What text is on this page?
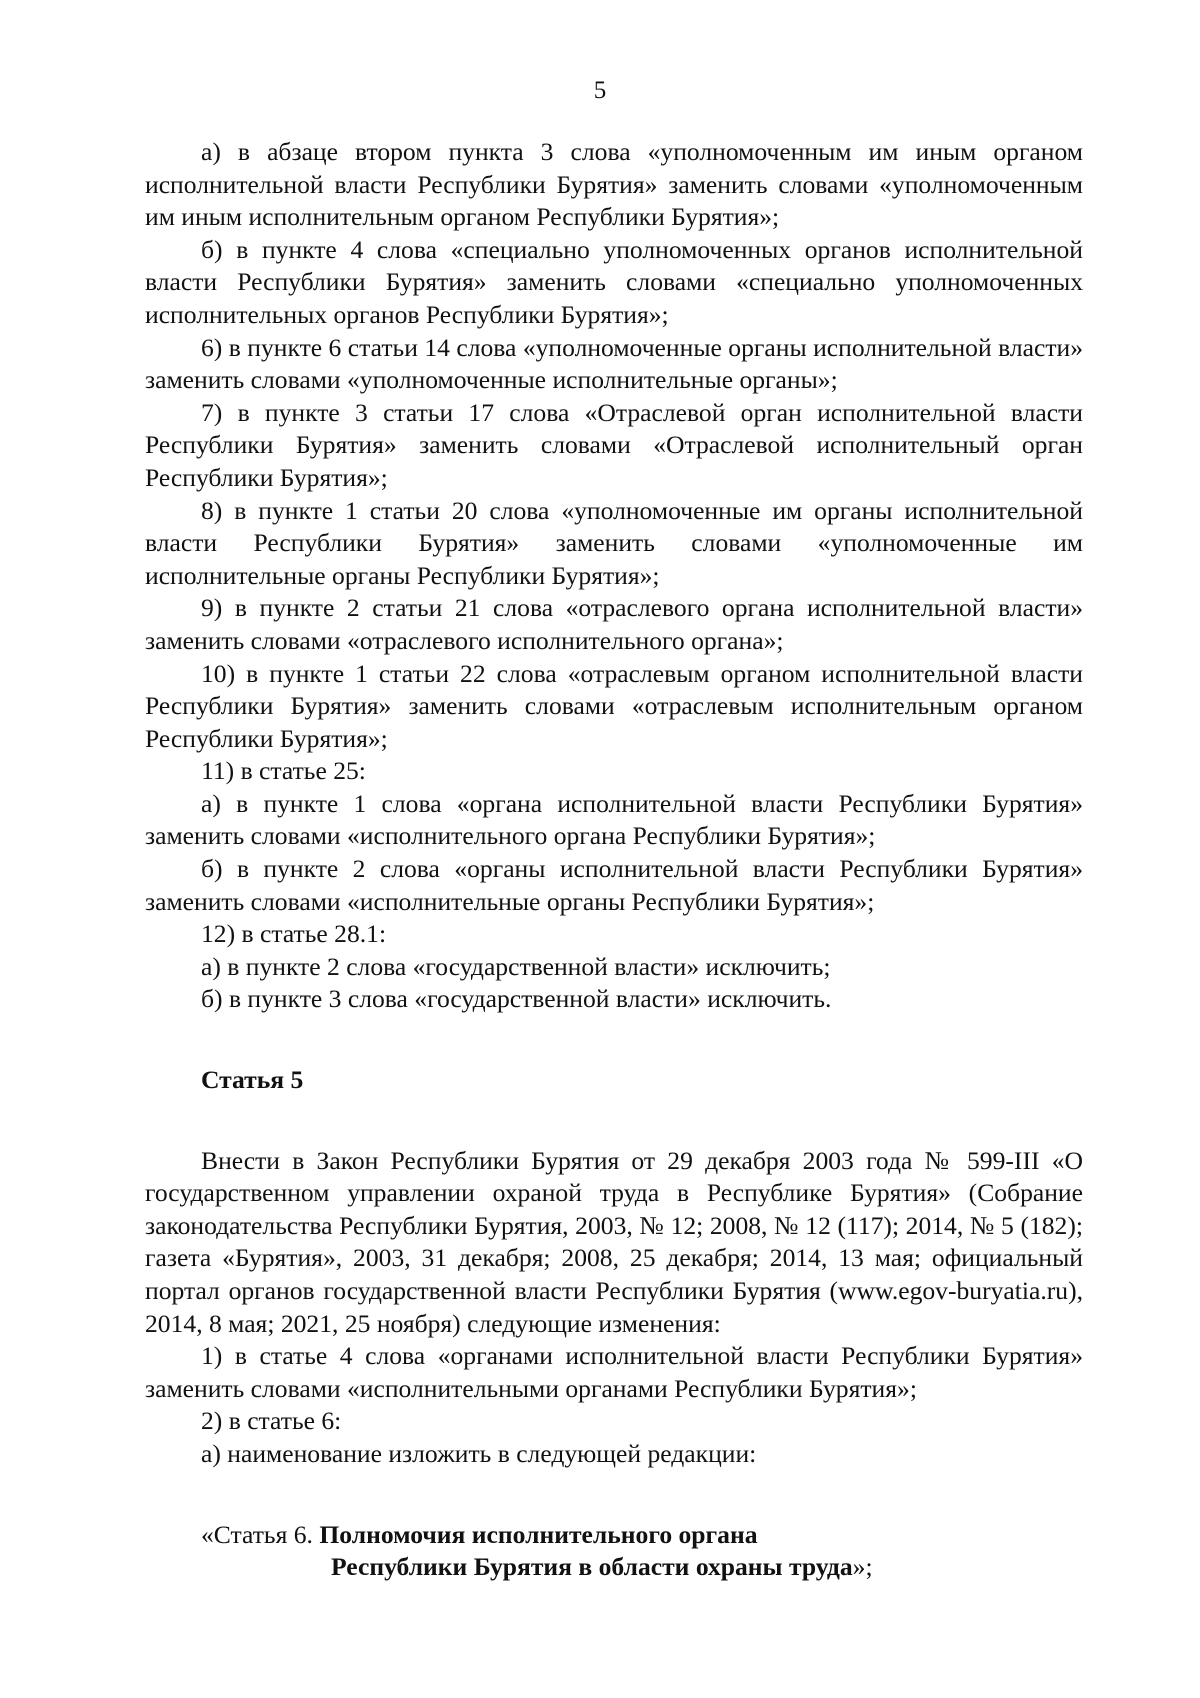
5

а) в абзаце втором пункта 3 слова «уполномоченным им иным органом исполнительной власти Республики Бурятия» заменить словами «уполномоченным им иным исполнительным органом Республики Бурятия»;

б) в пункте 4 слова «специально уполномоченных органов исполнительной власти Республики Бурятия» заменить словами «специально уполномоченных исполнительных органов Республики Бурятия»;

6) в пункте 6 статьи 14 слова «уполномоченные органы исполнительной власти» заменить словами «уполномоченные исполнительные органы»;

7) в пункте 3 статьи 17 слова «Отраслевой орган исполнительной власти Республики Бурятия» заменить словами «Отраслевой исполнительный орган Республики Бурятия»;

8) в пункте 1 статьи 20 слова «уполномоченные им органы исполнительной власти Республики Бурятия» заменить словами «уполномоченные им исполнительные органы Республики Бурятия»;

9) в пункте 2 статьи 21 слова «отраслевого органа исполнительной власти» заменить словами «отраслевого исполнительного органа»;

10) в пункте 1 статьи 22 слова «отраслевым органом исполнительной власти Республики Бурятия» заменить словами «отраслевым исполнительным органом Республики Бурятия»;

11) в статье 25:

а) в пункте 1 слова «органа исполнительной власти Республики Бурятия» заменить словами «исполнительного органа Республики Бурятия»;

б) в пункте 2 слова «органы исполнительной власти Республики Бурятия» заменить словами «исполнительные органы Республики Бурятия»;

12) в статье 28.1:

а) в пункте 2 слова «государственной власти» исключить;

б) в пункте 3 слова «государственной власти» исключить.

Статья 5

Внести в Закон Республики Бурятия от 29 декабря 2003 года № 599-III «О государственном управлении охраной труда в Республике Бурятия» (Собрание законодательства Республики Бурятия, 2003, № 12; 2008, № 12 (117); 2014, № 5 (182); газета «Бурятия», 2003, 31 декабря; 2008, 25 декабря; 2014, 13 мая; официальный портал органов государственной власти Республики Бурятия (www.egov-buryatia.ru), 2014, 8 мая; 2021, 25 ноября) следующие изменения:

1) в статье 4 слова «органами исполнительной власти Республики Бурятия» заменить словами «исполнительными органами Республики Бурятия»;

2) в статье 6:

а) наименование изложить в следующей редакции:

«Статья 6. Полномочия исполнительного органа
Республики Бурятия в области охраны труда»;
